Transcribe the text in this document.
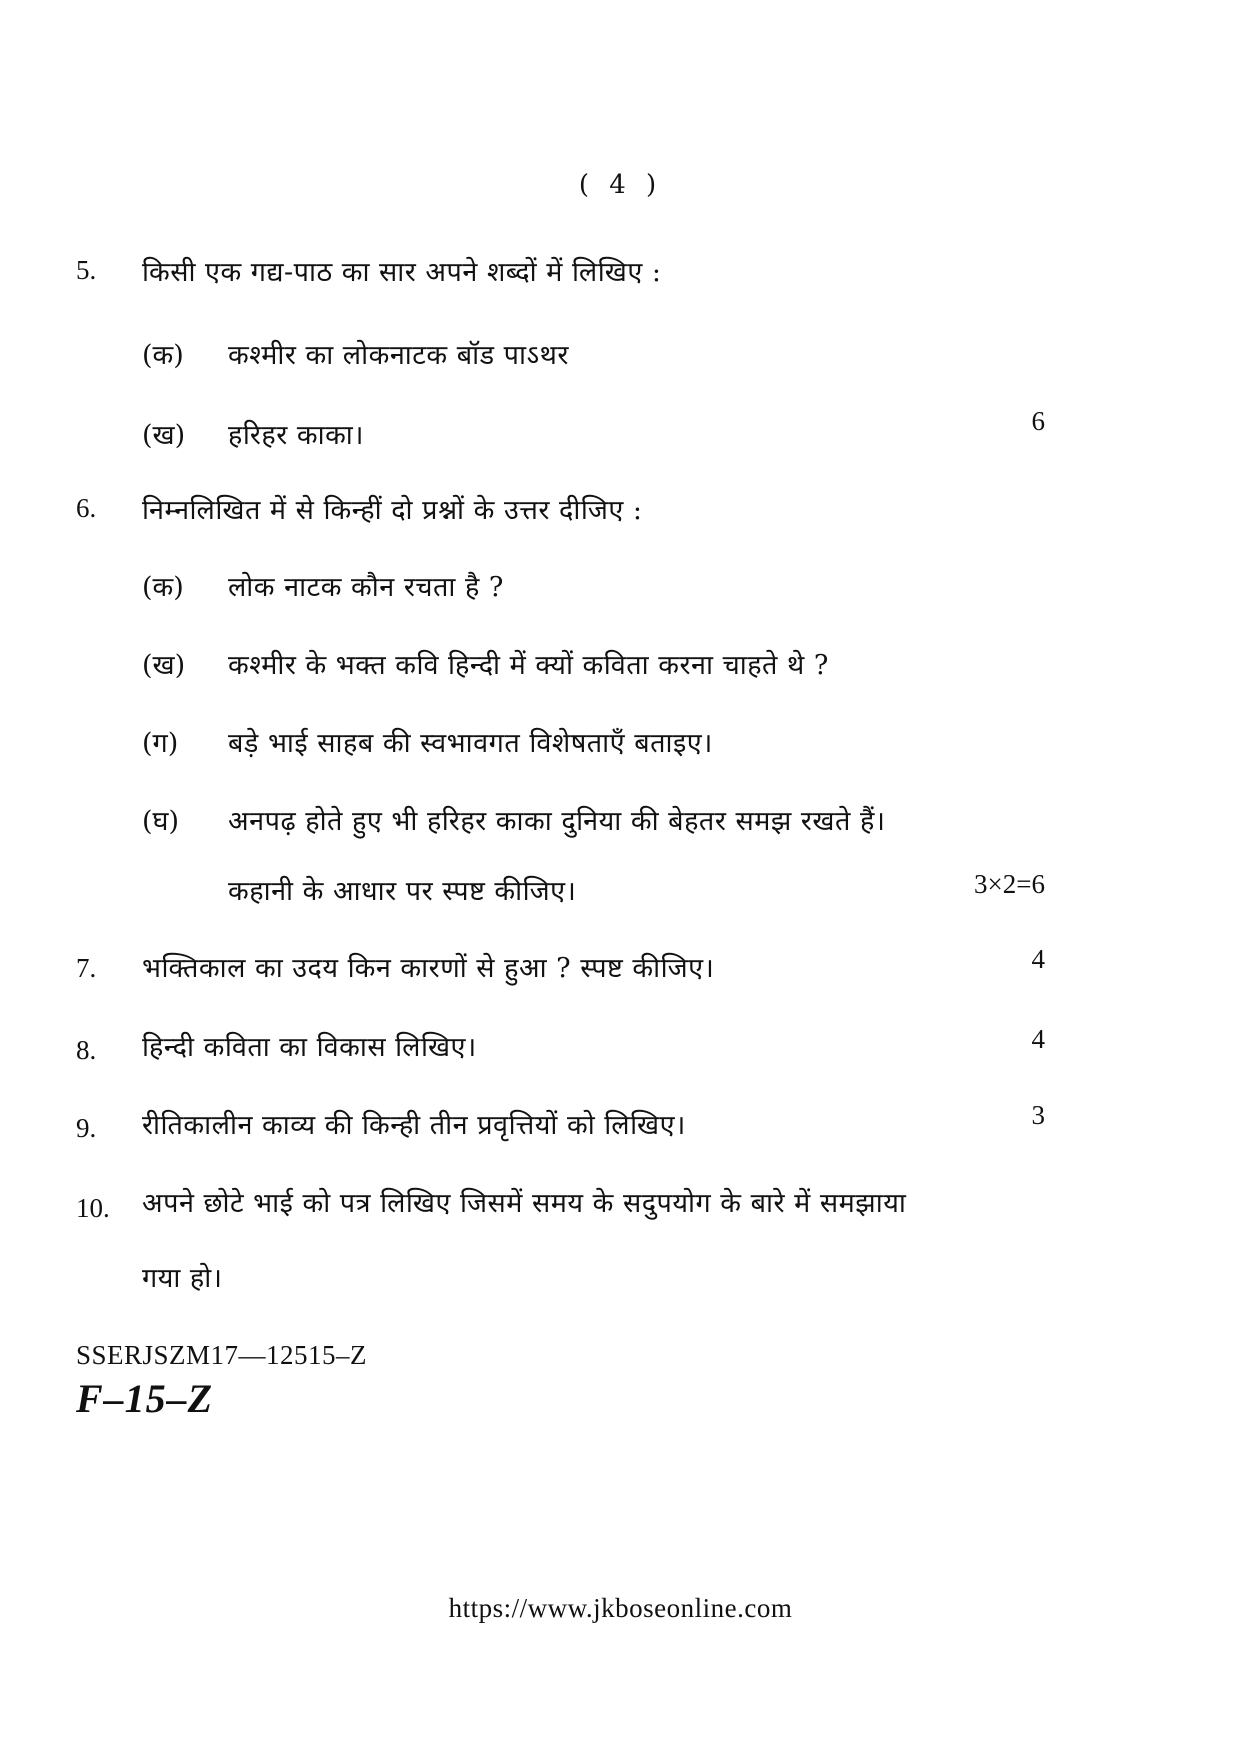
( 4 )
5. किसी एक गद्य-पाठ का सार अपने शब्दों में लिखिए :
(क) कश्मीर का लोकनाटक बॉड पाऽथर
(ख) हरिहर काका।	6
6. निम्नलिखित में से किन्हीं दो प्रश्नों के उत्तर दीजिए :
(क) लोक नाटक कौन रचता है ?
(ख) कश्मीर के भक्त कवि हिन्दी में क्यों कविता करना चाहते थे ?
(ग) बड़े भाई साहब की स्वभावगत विशेषताएँ बताइए।
(घ) अनपढ़ होते हुए भी हरिहर काका दुनिया की बेहतर समझ रखते हैं।
कहानी के आधार पर स्पष्ट कीजिए।	3×2=6
7. भक्तिकाल का उदय किन कारणों से हुआ ? स्पष्ट कीजिए।	4
8. हिन्दी कविता का विकास लिखिए।	4
9. रीतिकालीन काव्य की किन्ही तीन प्रवृत्तियों को लिखिए।	3
10. अपने छोटे भाई को पत्र लिखिए जिसमें समय के सदुपयोग के बारे में समझाया
गया हो।
SSERJSZM17—12515–Z
F–15–Z
https://www.jkboseonline.com
